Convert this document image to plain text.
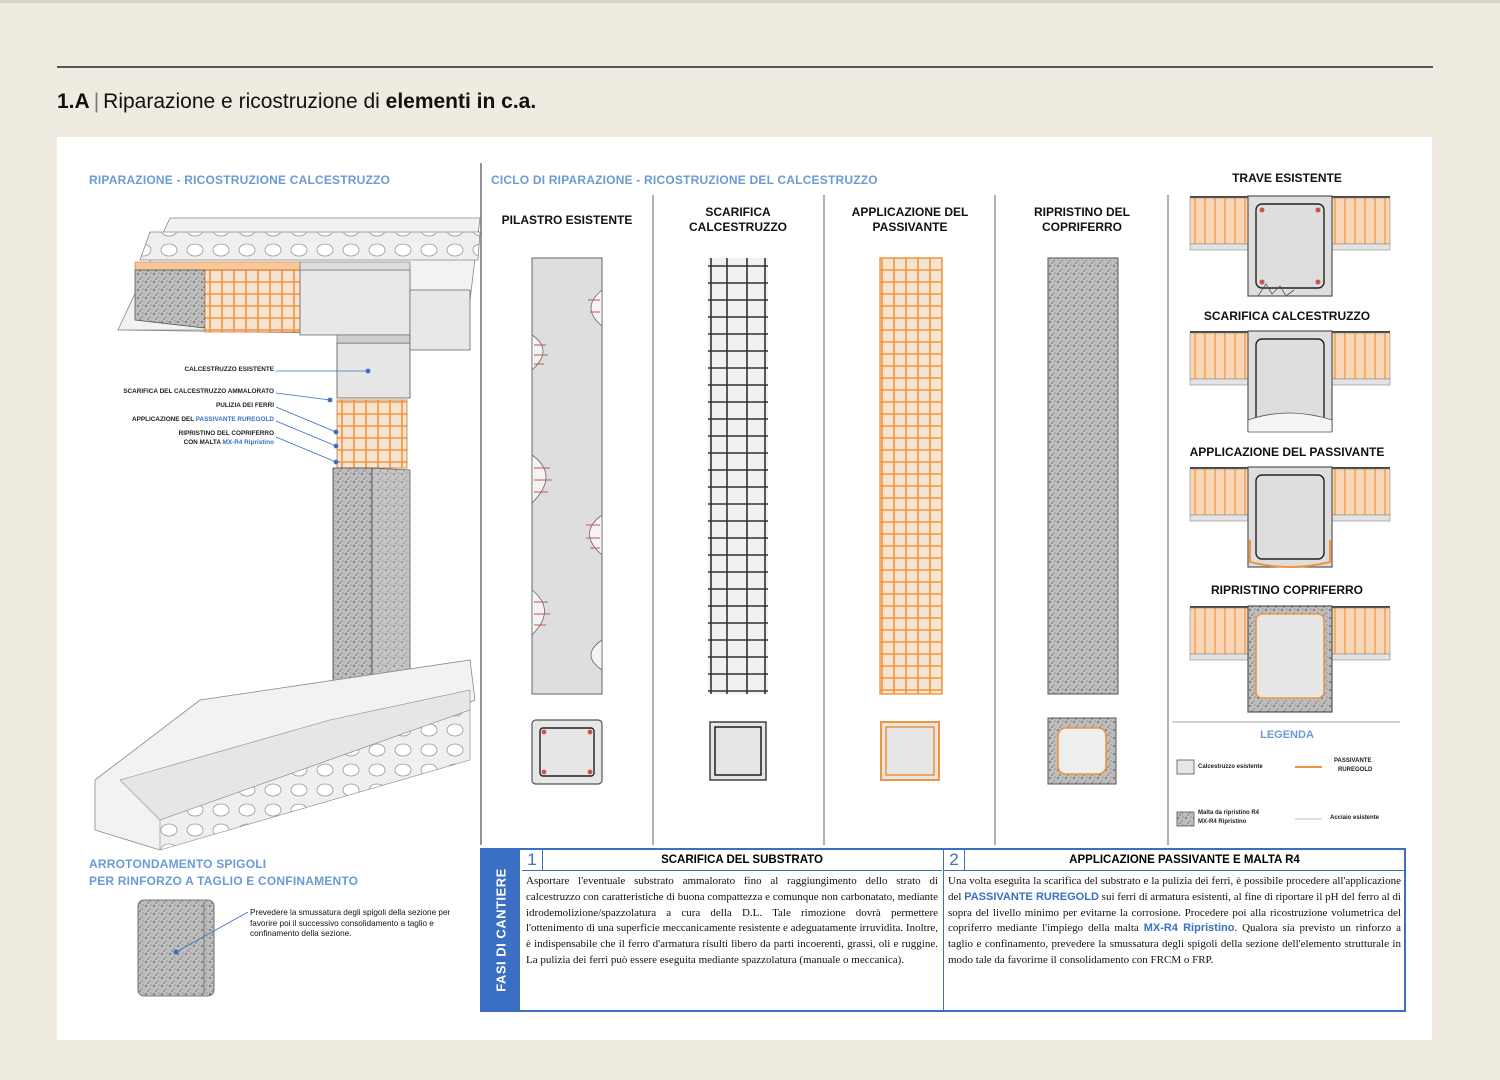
1.A | Riparazione e ricostruzione di elementi in c.a.
RIPARAZIONE - RICOSTRUZIONE CALCESTRUZZO
CALCESTRUZZO ESISTENTE
SCARIFICA DEL CALCESTRUZZO AMMALORATO
PULIZIA DEI FERRI
APPLICAZIONE DEL PASSIVANTE RUREGOLD
RIPRISTINO DEL COPRIFERRO
CON MALTA MX-R4 Ripristino
ARROTONDAMENTO SPIGOLI
PER RINFORZO A TAGLIO E CONFINAMENTO
Prevedere la smussatura degli spigoli della sezione per favorire poi il successivo consolidamento a taglio e confinamento della sezione.
CICLO DI RIPARAZIONE - RICOSTRUZIONE DEL CALCESTRUZZO
PILASTRO ESISTENTE
SCARIFICA CALCESTRUZZO
APPLICAZIONE DEL PASSIVANTE
RIPRISTINO DEL COPRIFERRO
TRAVE ESISTENTE
SCARIFICA CALCESTRUZZO
APPLICAZIONE DEL PASSIVANTE
RIPRISTINO COPRIFERRO
LEGENDA
Calcestruzzo esistente
PASSIVANTE
RUREGOLD
Malta da ripristino R4
MX-R4 Ripristino
Acciaio esistente
FASI DI CANTIERE
1	SCARIFICA DEL SUBSTRATO
Asportare l'eventuale substrato ammalorato fino al raggiungimento dello strato di calcestruzzo con caratteristiche di buona compattezza e comunque non carbonatato, mediante idrodemolizione/spazzolatura a cura della D.L. Tale rimozione dovrà permettere l'ottenimento di una superficie meccanicamente resistente e adeguatamente irruvidita. Inoltre, è indispensabile che il ferro d'armatura risulti libero da parti incoerenti, grassi, oli e ruggine. La pulizia dei ferri può essere eseguita mediante spazzolatura (manuale o meccanica).
2	APPLICAZIONE PASSIVANTE E MALTA R4
Una volta eseguita la scarifica del substrato e la pulizia dei ferri, è possibile procedere all'applicazione del PASSIVANTE RUREGOLD sui ferri di armatura esistenti, al fine di riportare il pH del ferro al di sopra del livello minimo per evitarne la corrosione. Procedere poi alla ricostruzione volumetrica del copriferro mediante l'impiego della malta MX-R4 Ripristino. Qualora sia previsto un rinforzo a taglio e confinamento, prevedere la smussatura degli spigoli della sezione dell'elemento strutturale in modo tale da favorirne il consolidamento con FRCM o FRP.
